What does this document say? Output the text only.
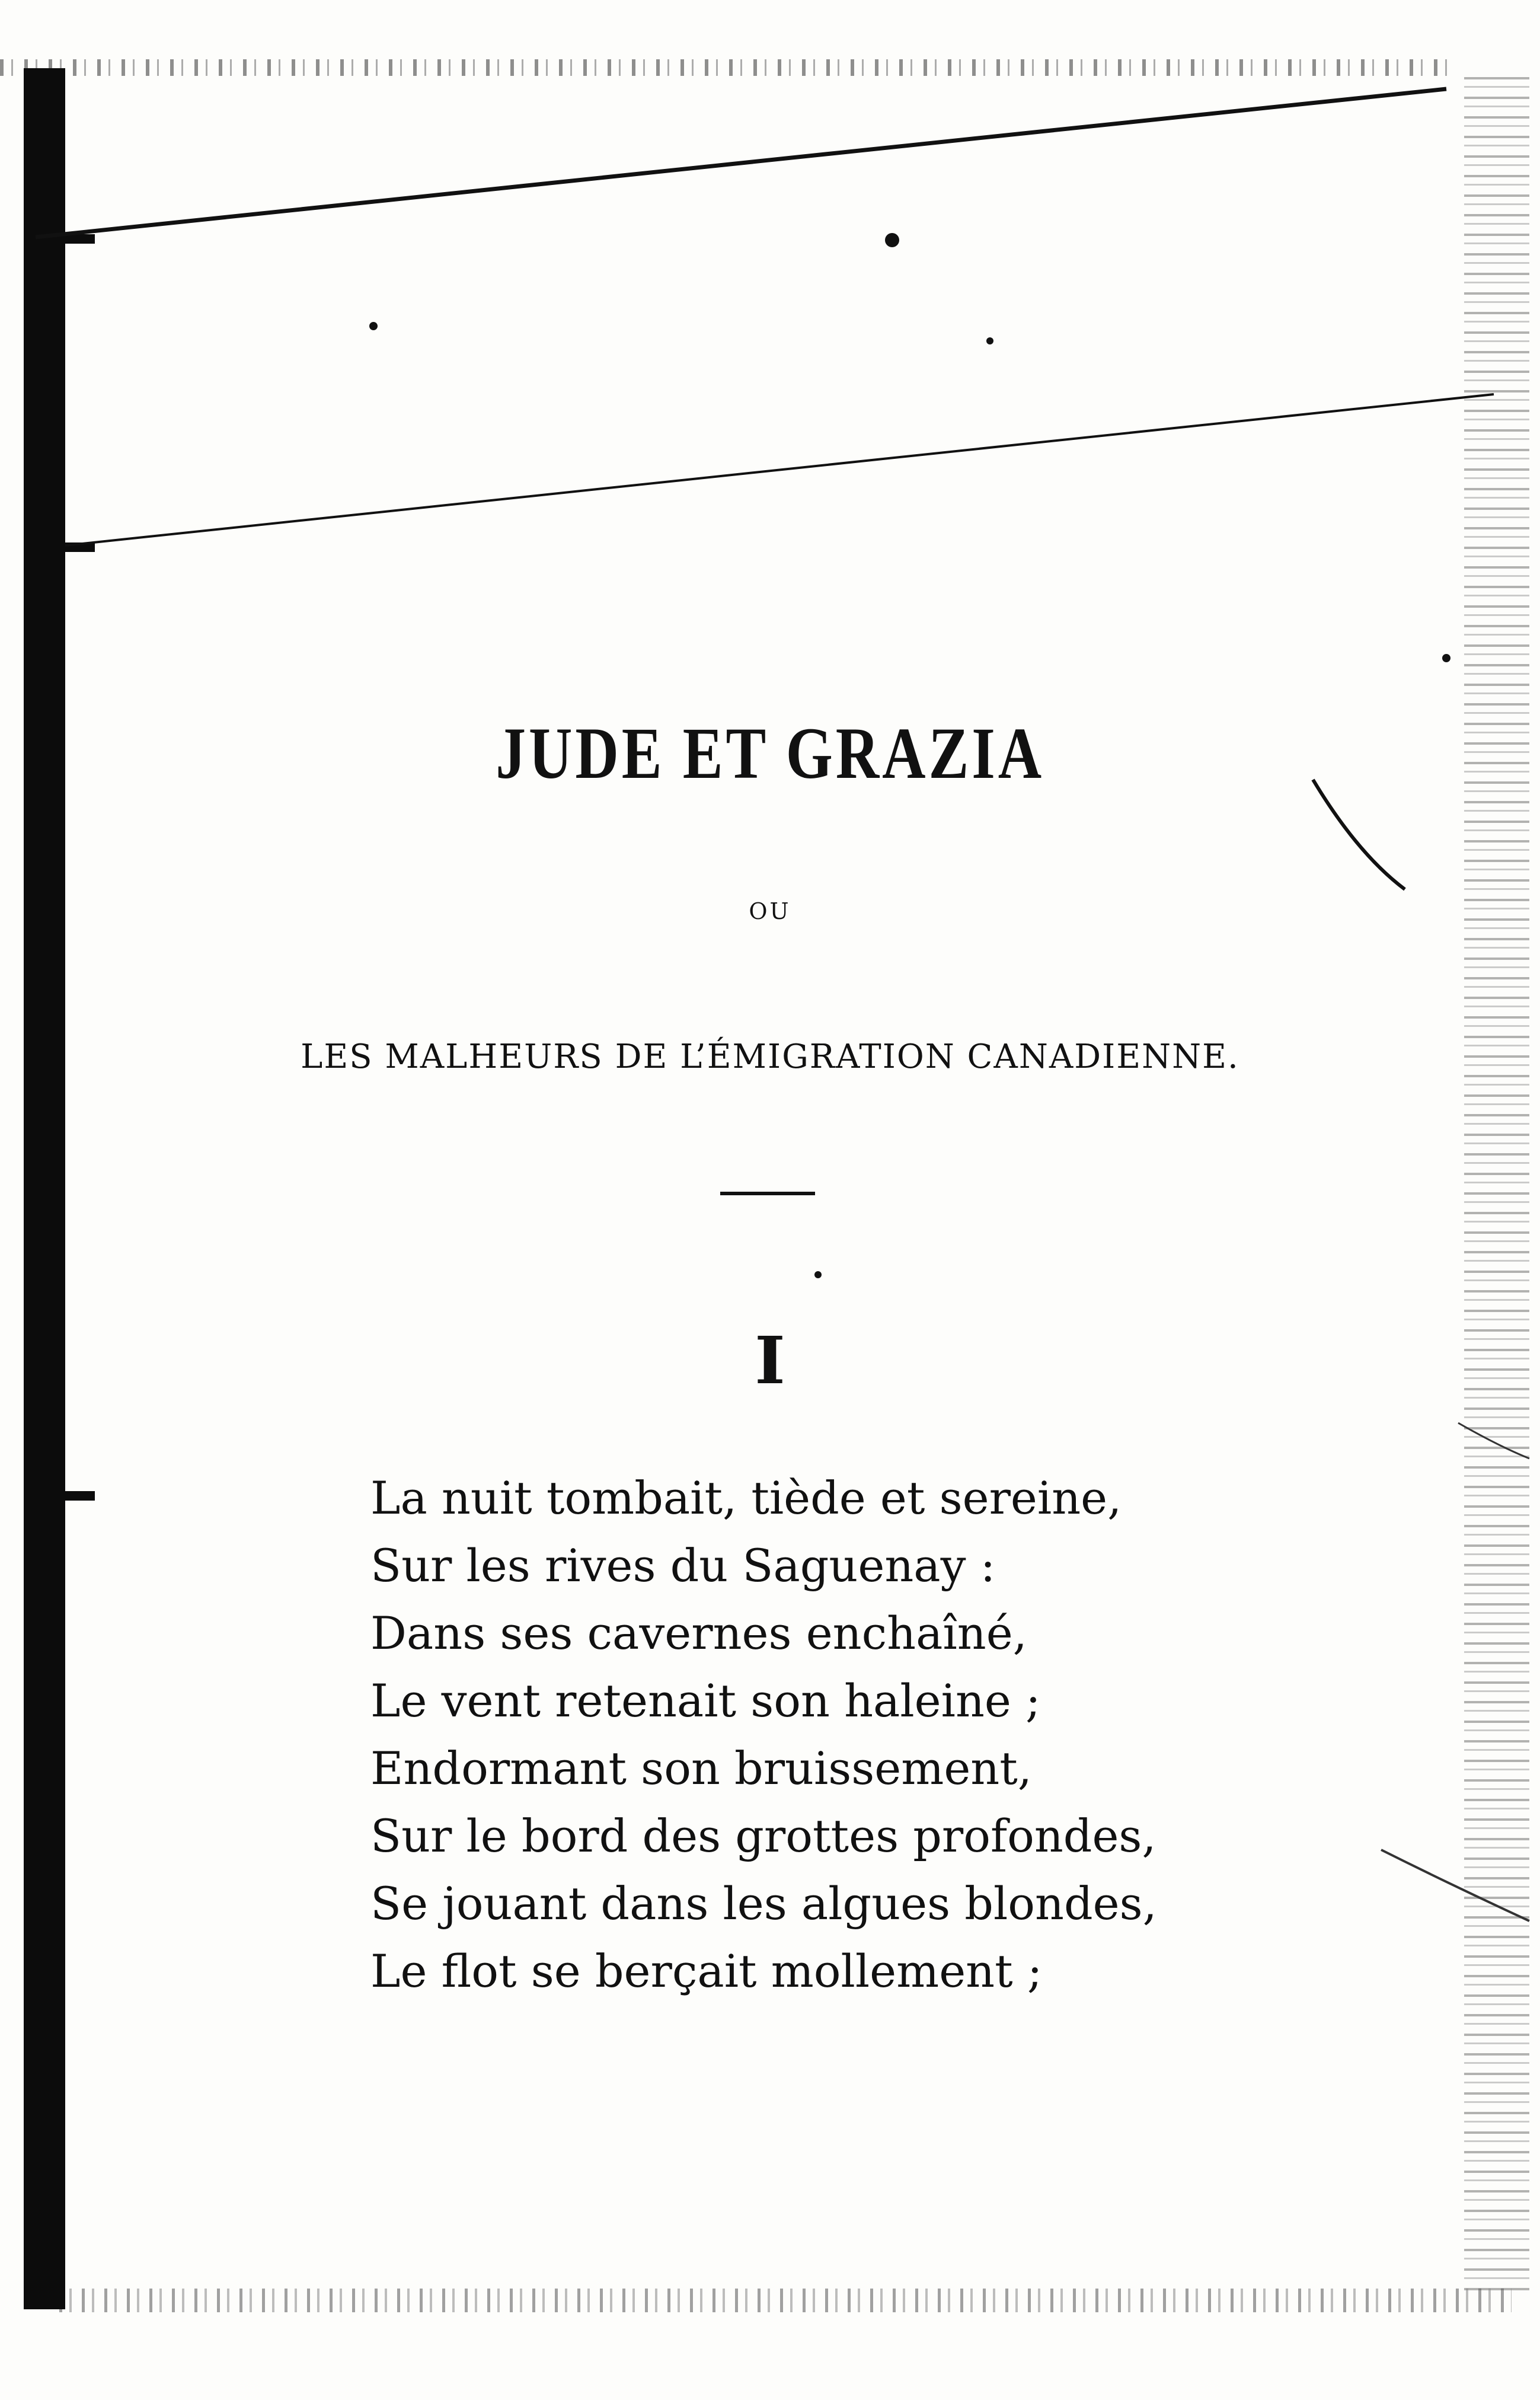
JUDE ET GRAZIA
OU
LES MALHEURS DE L’ÉMIGRATION CANADIENNE.
I
La nuit tombait, tiède et sereine,
Sur les rives du Saguenay :
Dans ses cavernes enchaîné,
Le vent retenait son haleine ;
Endormant son bruissement,
Sur le bord des grottes profondes,
Se jouant dans les algues blondes,
Le flot se berçait mollement ;
